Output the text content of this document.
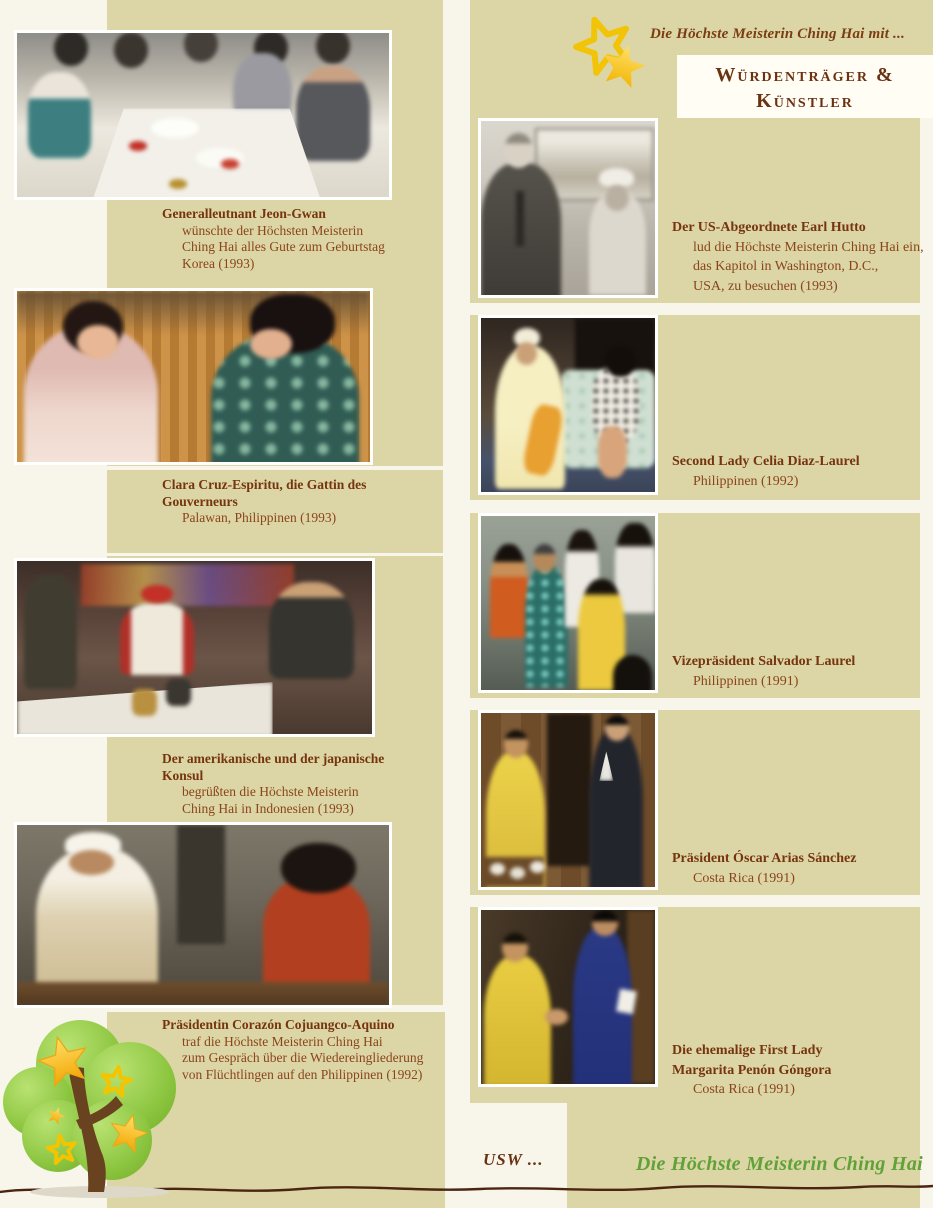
Die Höchste Meisterin Ching Hai mit ...
Würdenträger &
Künstler
Generalleutnant Jeon-Gwan
wünschte der Höchsten Meisterin
Ching Hai alles Gute zum Geburtstag
Korea (1993)
Clara Cruz-Espiritu, die Gattin des
Gouverneurs
Palawan, Philippinen (1993)
Der amerikanische und der japanische
Konsul
begrüßten die Höchste Meisterin
Ching Hai in Indonesien (1993)
Präsidentin Corazón Cojuangco-Aquino
traf die Höchste Meisterin Ching Hai
zum Gespräch über die Wiedereingliederung
von Flüchtlingen auf den Philippinen (1992)
Der US-Abgeordnete Earl Hutto
lud die Höchste Meisterin Ching Hai ein,
das Kapitol in Washington, D.C.,
USA, zu besuchen (1993)
Second Lady Celia Diaz-Laurel
Philippinen (1992)
Vizepräsident Salvador Laurel
Philippinen (1991)
Präsident Óscar Arias Sánchez
Costa Rica (1991)
Die ehemalige First Lady
Margarita Penón Góngora
Costa Rica (1991)
USW ...	Die Höchste Meisterin Ching Hai
